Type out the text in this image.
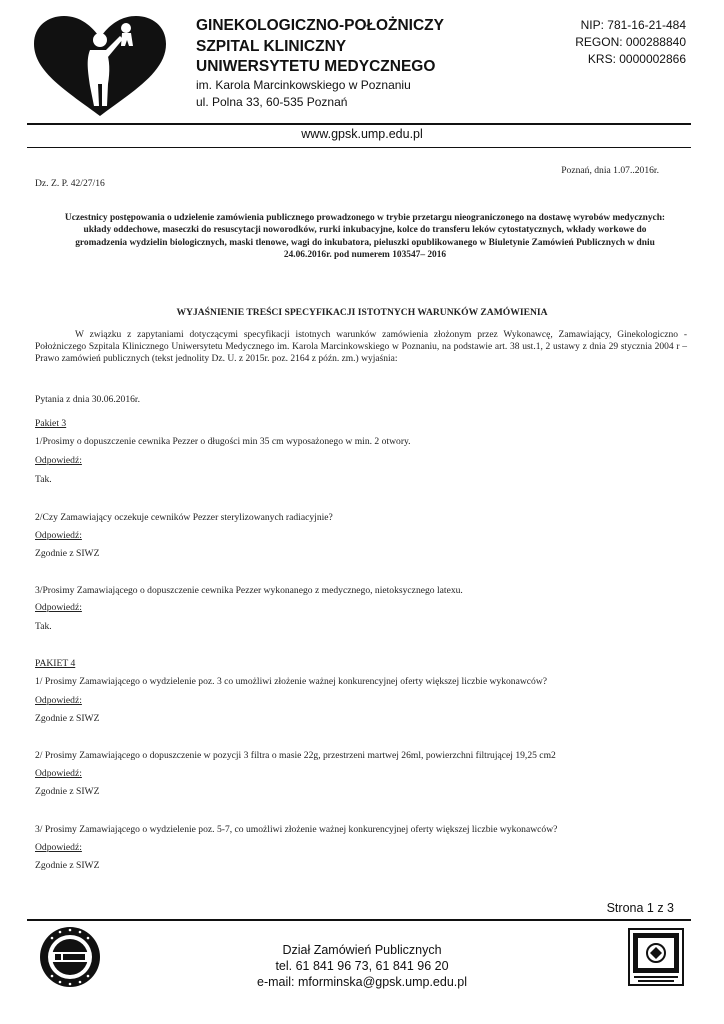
GINEKOLOGICZNO-POŁOŻNICZY
SZPITAL KLINICZNY
UNIWERSYTETU MEDYCZNEGO
im. Karola Marcinkowskiego w Poznaniu
ul. Polna 33, 60-535 Poznań
NIP: 781-16-21-484
REGON: 000288840
KRS: 0000002866
www.gpsk.ump.edu.pl
Poznań, dnia 1.07..2016r.
Dz. Z. P. 42/27/16
Uczestnicy postępowania o udzielenie zamówienia publicznego prowadzonego w trybie przetargu nieograniczonego na dostawę wyrobów medycznych: układy oddechowe, maseczki do resuscytacji noworodków, rurki inkubacyjne, kolce do transferu leków cytostatycznych, wkłady workowe do gromadzenia wydzielin biologicznych, maski tlenowe, wagi do inkubatora, pieluszki opublikowanego w Biuletynie Zamówień Publicznych w dniu 24.06.2016r. pod numerem 103547– 2016
WYJAŚNIENIE TREŚCI SPECYFIKACJI ISTOTNYCH WARUNKÓW ZAMÓWIENIA
W związku z zapytaniami dotyczącymi specyfikacji istotnych warunków zamówienia złożonym przez Wykonawcę, Zamawiający, Ginekologiczno - Położniczego Szpitala Klinicznego Uniwersytetu Medycznego im. Karola Marcinkowskiego w Poznaniu, na podstawie art. 38 ust.1, 2 ustawy z dnia 29 stycznia 2004 r – Prawo zamówień publicznych (tekst jednolity Dz. U. z 2015r. poz. 2164 z późn. zm.) wyjaśnia:
Pytania z dnia 30.06.2016r.
Pakiet 3
1/Prosimy o dopuszczenie cewnika Pezzer o długości min 35 cm wyposażonego w min. 2 otwory.
Odpowiedź:
Tak.
2/Czy Zamawiający oczekuje cewników Pezzer sterylizowanych radiacyjnie?
Odpowiedź:
Zgodnie z SIWZ
3/Prosimy Zamawiającego o dopuszczenie cewnika Pezzer wykonanego z medycznego, nietoksycznego latexu.
Odpowiedź:
Tak.
PAKIET 4
1/ Prosimy Zamawiającego o wydzielenie poz. 3 co umożliwi złożenie ważnej konkurencyjnej oferty większej liczbie wykonawców?
Odpowiedź:
Zgodnie z SIWZ
2/ Prosimy Zamawiającego o dopuszczenie w pozycji 3 filtra o masie 22g, przestrzeni martwej 26ml, powierzchni filtrującej 19,25 cm2
Odpowiedź:
Zgodnie z SIWZ
3/ Prosimy Zamawiającego o wydzielenie poz. 5-7, co umożliwi złożenie ważnej konkurencyjnej oferty większej liczbie wykonawców?
Odpowiedź:
Zgodnie z SIWZ
Strona 1 z 3
Dział Zamówień Publicznych
tel. 61 841 96 73, 61 841 96 20
e-mail: mforminska@gpsk.ump.edu.pl
